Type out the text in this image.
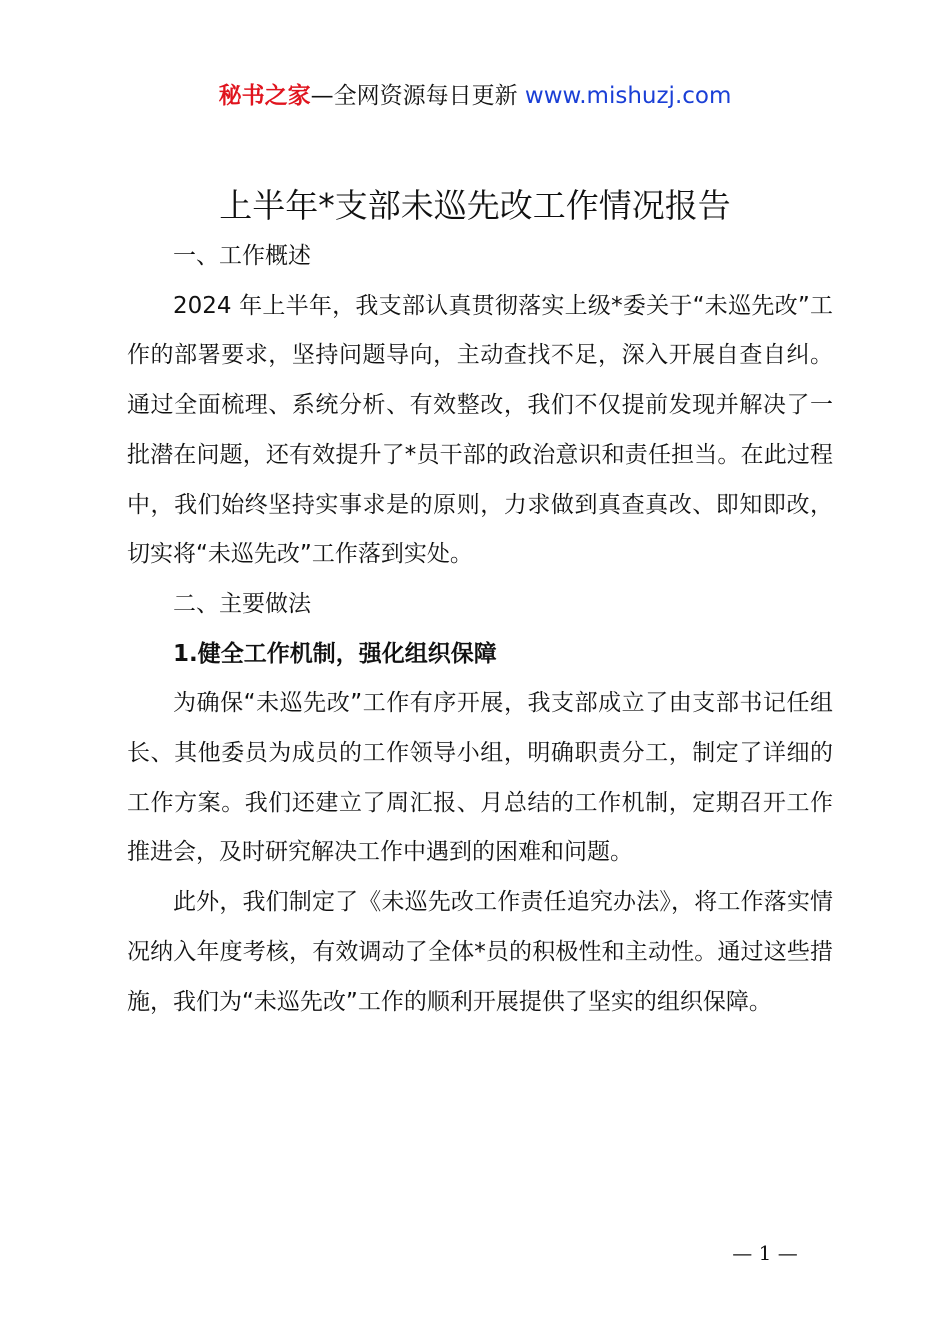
秘书之家—全网资源每日更新 www.mishuzj.com
上半年*支部未巡先改工作情况报告

一、工作概述

2024 年上半年，我支部认真贯彻落实上级*委关于“未巡先改”工作的部署要求，坚持问题导向，主动查找不足，深入开展自查自纠。通过全面梳理、系统分析、有效整改，我们不仅提前发现并解决了一批潜在问题，还有效提升了*员干部的政治意识和责任担当。在此过程中，我们始终坚持实事求是的原则，力求做到真查真改、即知即改，切实将“未巡先改”工作落到实处。

二、主要做法

1.健全工作机制，强化组织保障

为确保“未巡先改”工作有序开展，我支部成立了由支部书记任组长、其他委员为成员的工作领导小组，明确职责分工，制定了详细的工作方案。我们还建立了周汇报、月总结的工作机制，定期召开工作推进会，及时研究解决工作中遇到的困难和问题。

此外，我们制定了《未巡先改工作责任追究办法》，将工作落实情况纳入年度考核，有效调动了全体*员的积极性和主动性。通过这些措施，我们为“未巡先改”工作的顺利开展提供了坚实的组织保障。

— 1 —
